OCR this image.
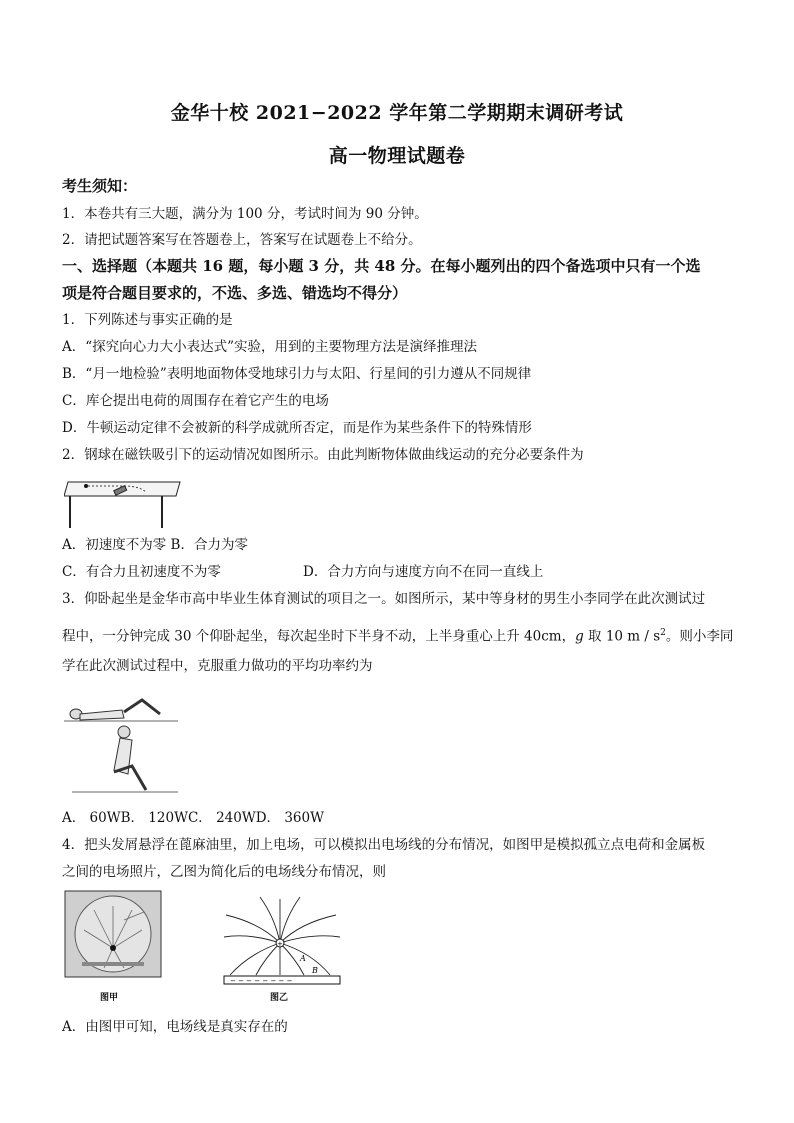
金华十校 2021−2022 学年第二学期期末调研考试
高一物理试题卷
考生须知：
1．本卷共有三大题，满分为 100 分，考试时间为 90 分钟。
2．请把试题答案写在答题卷上，答案写在试题卷上不给分。
一、选择题（本题共 16 题，每小题 3 分，共 48 分。在每小题列出的四个备选项中只有一个选
项是符合题目要求的，不选、多选、错选均不得分）
1．下列陈述与事实正确的是
A．“探究向心力大小表达式”实验，用到的主要物理方法是演绎推理法
B．“月一地检验”表明地面物体受地球引力与太阳、行星间的引力遵从不同规律
C．库仑提出电荷的周围存在着它产生的电场
D．牛顿运动定律不会被新的科学成就所否定，而是作为某些条件下的特殊情形
2．钢球在磁铁吸引下的运动情况如图所示。由此判断物体做曲线运动的充分必要条件为
A．初速度不为零 B．合力为零
C．有合力且初速度不为零	D．合力方向与速度方向不在同一直线上
3．仰卧起坐是金华市高中毕业生体育测试的项目之一。如图所示，某中等身材的男生小李同学在此次测试过
程中，一分钟完成 30 个仰卧起坐，每次起坐时下半身不动，上半身重心上升 40cm，g 取 10 m / $s^2$。则小李同
学在此次测试过程中，克服重力做功的平均功率约为
A． 60WB． 120WC． 240WD． 360W
4．把头发屑悬浮在蓖麻油里，加上电场，可以模拟出电场线的分布情况，如图甲是模拟孤立点电荷和金属板
之间的电场照片，乙图为简化后的电场线分布情况，则
图甲
+
A
B
− − − − − − − −
图乙
A．由图甲可知，电场线是真实存在的
